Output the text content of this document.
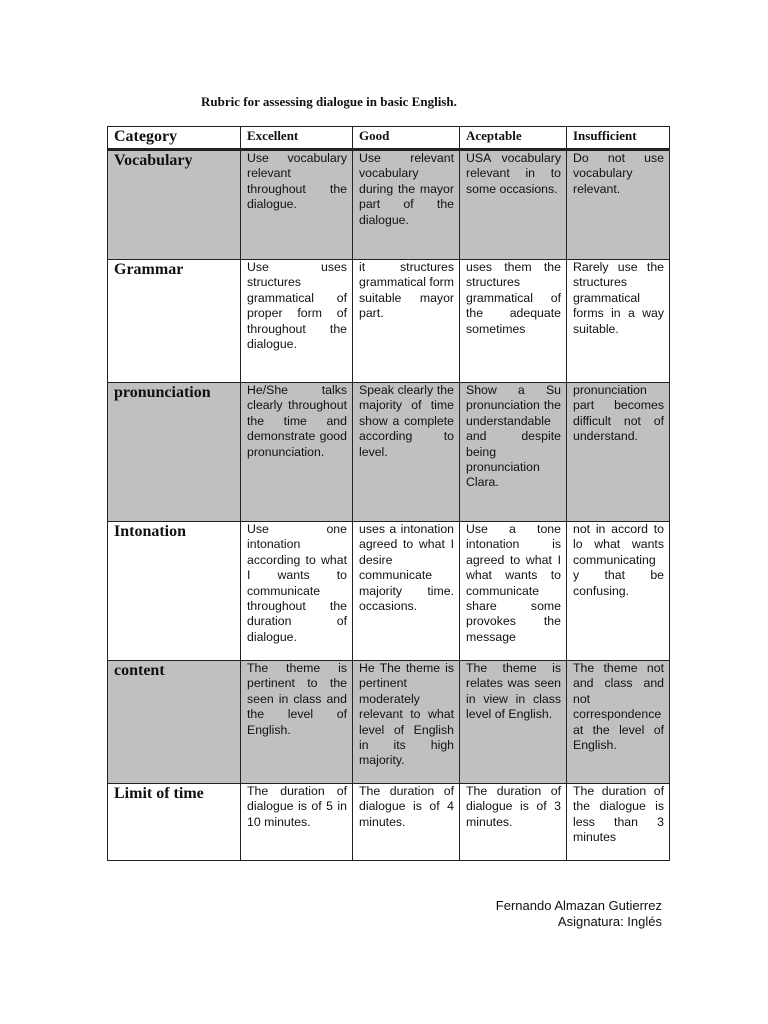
Rubric for assessing dialogue in basic English.

Category	Excellent	Good	Aceptable	Insufficient
Vocabulary	Use vocabulary relevant throughout the dialogue.	Use relevant vocabulary during the mayor part of the dialogue.	USA vocabulary relevant in to some occasions.	Do not use vocabulary relevant.
Grammar	Use uses structures grammatical of proper form of throughout the dialogue.	it structures grammatical form suitable mayor part.	uses them the structures grammatical of the adequate sometimes	Rarely use the structures grammatical forms in a way suitable.
pronunciation	He/She talks clearly throughout the time and demonstrate good pronunciation.	Speak clearly the majority of time show a complete according to level.	Show a Su pronunciation the understandable and despite being pronunciation Clara.	pronunciation part becomes difficult not of understand.
Intonation	Use one intonation according to what I wants to communicate throughout the duration of dialogue.	uses a intonation agreed to what I desire communicate majority time. occasions.	Use a tone intonation is agreed to what I what wants to communicate share some provokes the message	not in accord to lo what wants communicating y that be confusing.
content	The theme is pertinent to the seen in class and the level of English.	He The theme is pertinent moderately relevant to what level of English in its high majority.	The theme is relates was seen in view in class level of English.	The theme not and class and not correspondence at the level of English.
Limit of time	The duration of dialogue is of 5 in 10 minutes.	The duration of dialogue is of 4 minutes.	The duration of dialogue is of 3 minutes.	The duration of the dialogue is less than 3 minutes
Fernando Almazan Gutierrez
Asignatura: Inglés
